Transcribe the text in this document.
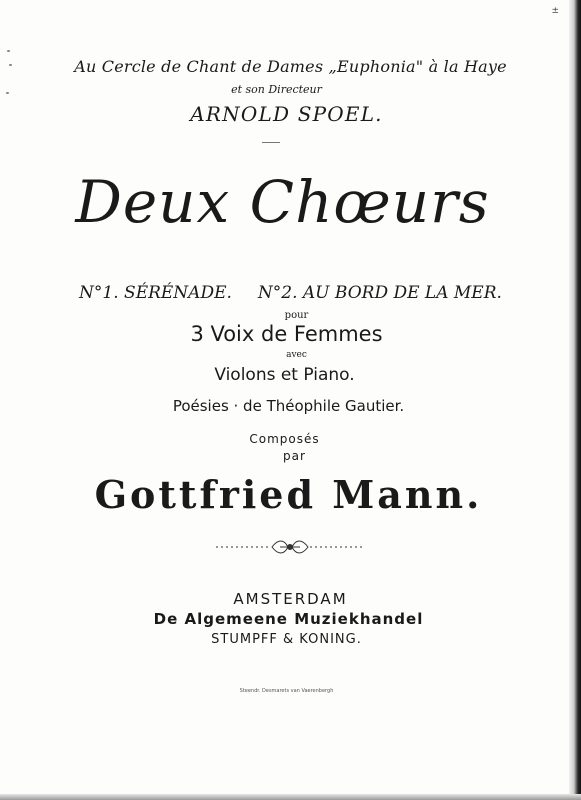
±
Au Cercle de Chant de Dames „Euphonia" à la Haye
et son Directeur
ARNOLD SPOEL.
Deux Chœurs
N°1. SÉRÉNADE. N°2. AU BORD DE LA MER.
pour
3 Voix de Femmes
avec
Violons et Piano.
Poésies · de Théophile Gautier.
Composés
par
Gottfried Mann.
AMSTERDAM
De Algemeene Muziekhandel
STUMPFF & KONING.
Steendr. Desmarets van Vaerenbergh
